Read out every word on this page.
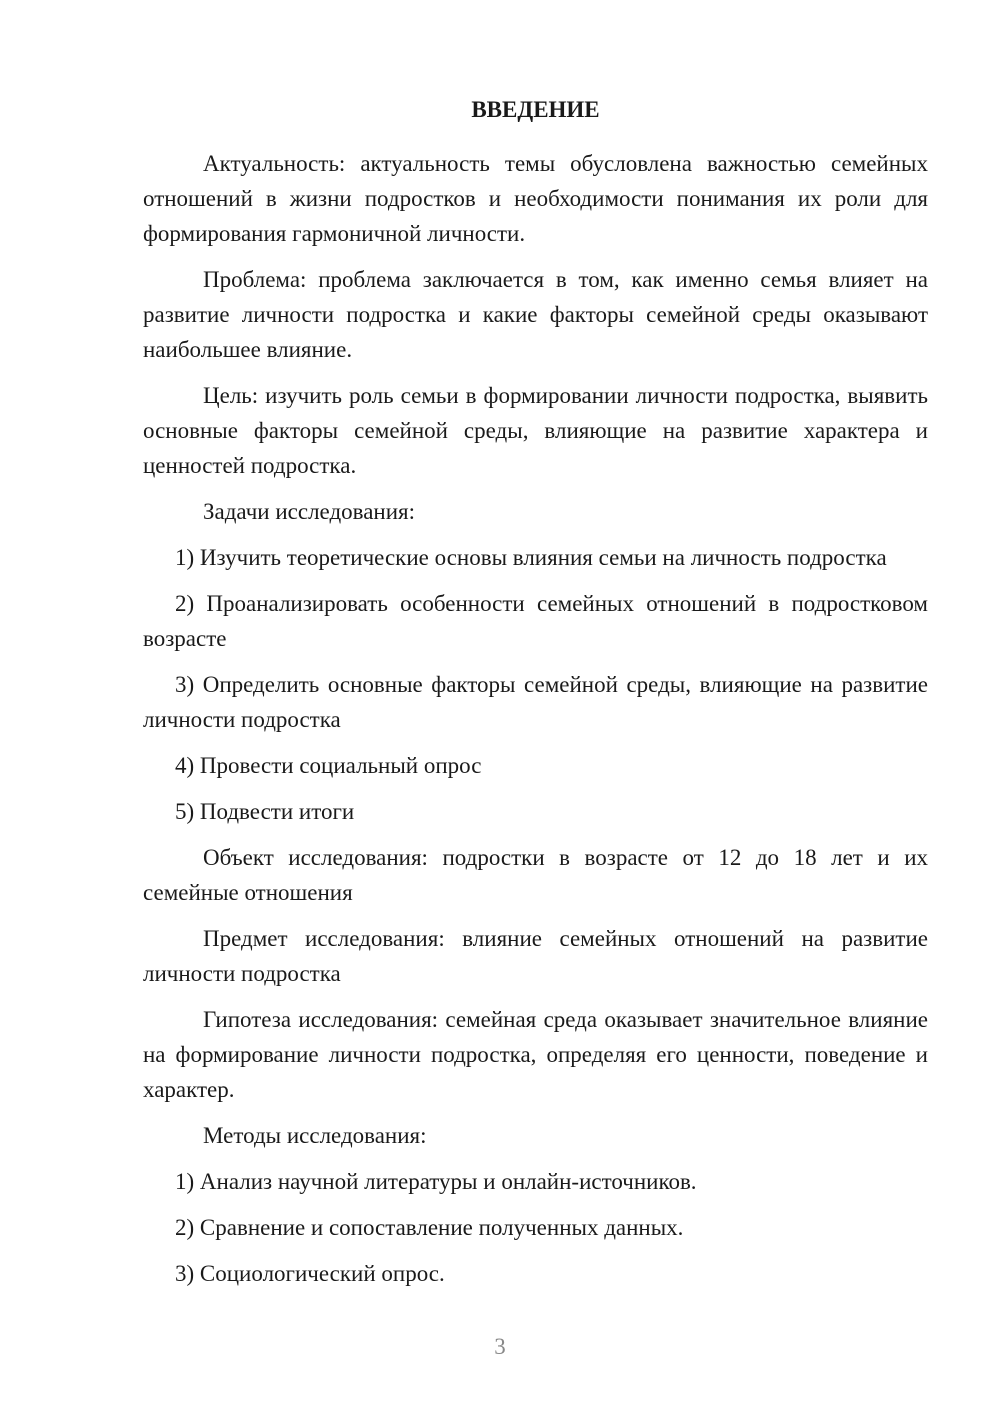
ВВЕДЕНИЕ

Актуальность: актуальность темы обусловлена важностью семейных отношений в жизни подростков и необходимости понимания их роли для формирования гармоничной личности.

Проблема: проблема заключается в том, как именно семья влияет на развитие личности подростка и какие факторы семейной среды оказывают наибольшее влияние.

Цель: изучить роль семьи в формировании личности подростка, выявить основные факторы семейной среды, влияющие на развитие характера и ценностей подростка.

Задачи исследования:

1) Изучить теоретические основы влияния семьи на личность подростка
2) Проанализировать особенности семейных отношений в подростковом возрасте
3) Определить основные факторы семейной среды, влияющие на развитие личности подростка
4) Провести социальный опрос
5) Подвести итоги

Объект исследования: подростки в возрасте от 12 до 18 лет и их семейные отношения

Предмет исследования: влияние семейных отношений на развитие личности подростка

Гипотеза исследования: семейная среда оказывает значительное влияние на формирование личности подростка, определяя его ценности, поведение и характер.

Методы исследования:

1) Анализ научной литературы и онлайн-источников.
2) Сравнение и сопоставление полученных данных.
3) Социологический опрос.
3
